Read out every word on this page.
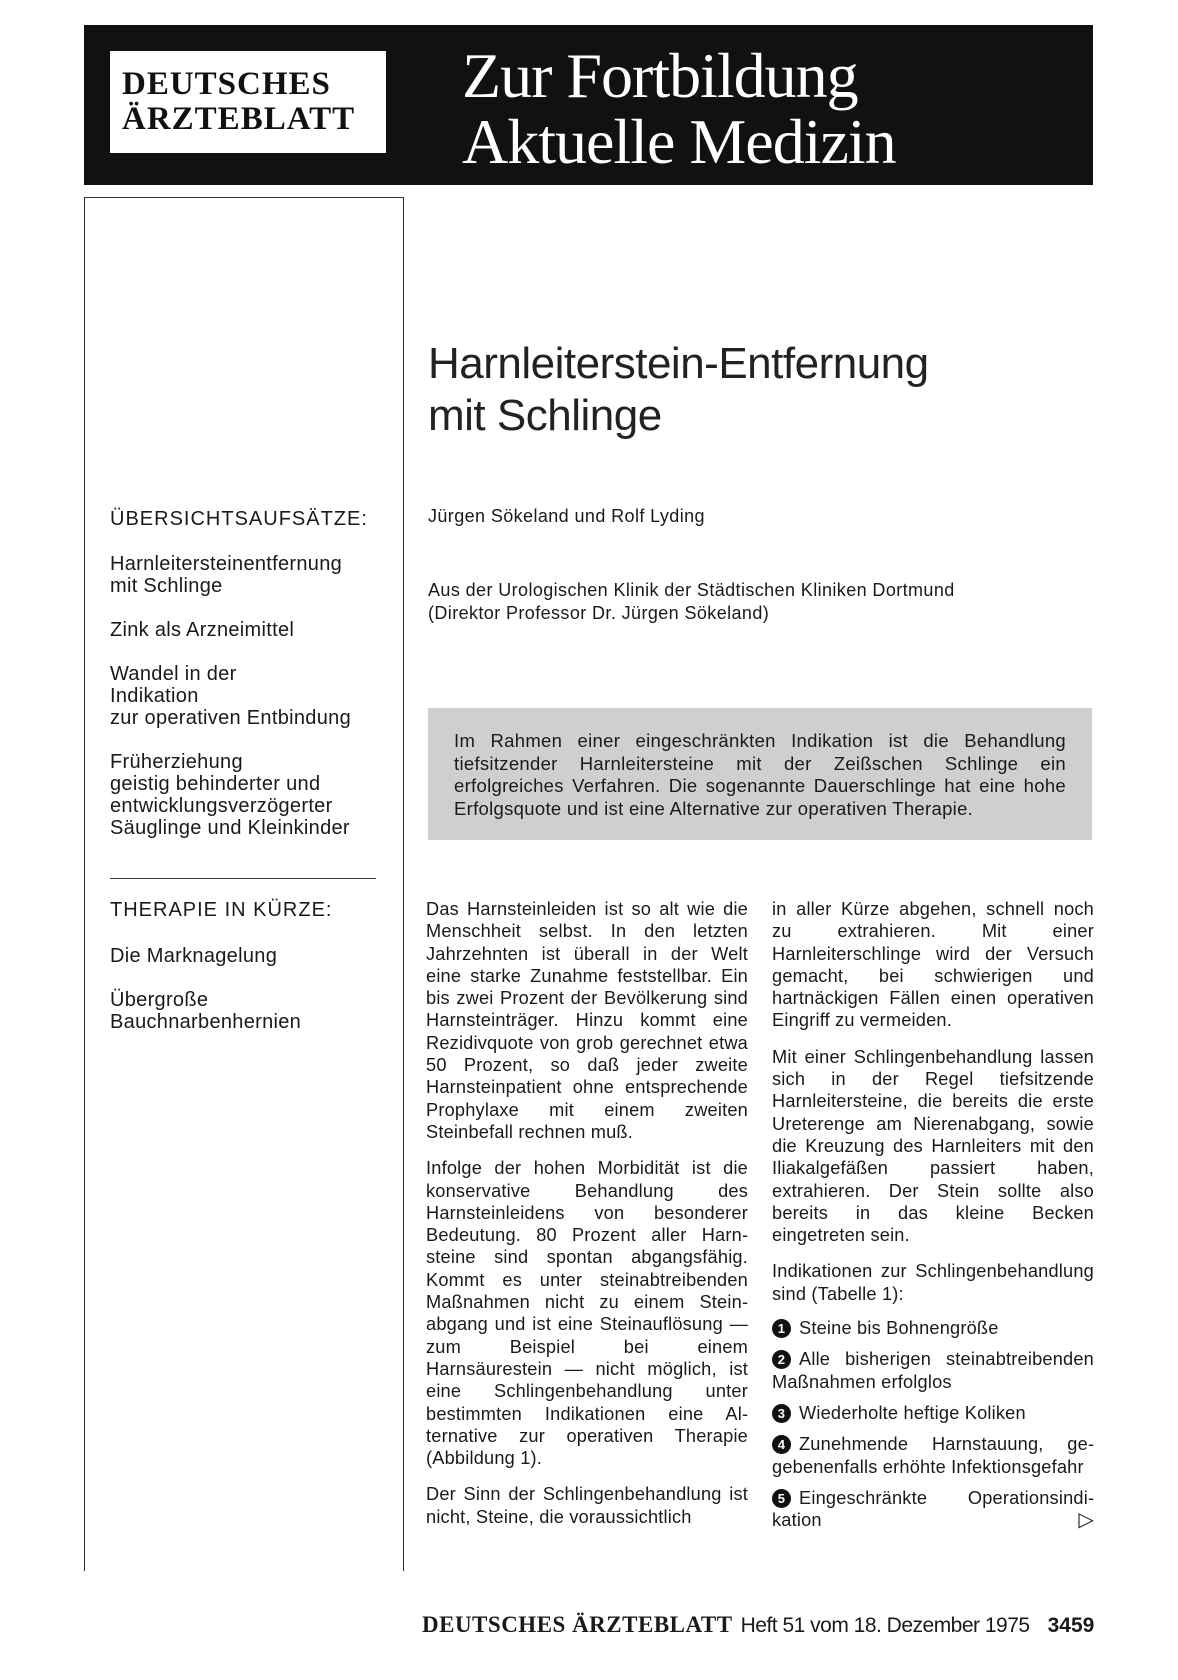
DEUTSCHES
ÄRZTEBLATT
Zur Fortbildung
Aktuelle Medizin
ÜBERSICHTSAUFSÄTZE:
Harnleitersteinentfernung
mit Schlinge
Zink als Arzneimittel
Wandel in der
Indikation
zur operativen Entbindung
Früherziehung
geistig behinderter und
entwicklungsverzögerter
Säuglinge und Kleinkinder
THERAPIE IN KÜRZE:
Die Marknagelung
Übergroße
Bauchnarbenhernien
Harnleiterstein-Entfernung
mit Schlinge
Jürgen Sökeland und Rolf Lyding
Aus der Urologischen Klinik der Städtischen Kliniken Dortmund
(Direktor Professor Dr. Jürgen Sökeland)

Im Rahmen einer eingeschränkten Indikation ist die Behandlung tiefsitzender Harnleitersteine mit der Zeißschen Schlinge ein erfolgreiches Verfahren. Die sogenannte Dauerschlinge hat eine hohe Erfolgsquote und ist eine Alternative zur operativen Therapie.

Das Harnsteinleiden ist so alt wie die Menschheit selbst. In den letzten Jahrzehnten ist überall in der Welt eine starke Zunahme feststellbar. Ein bis zwei Prozent der Bevölkerung sind Harnsteinträger. Hinzu kommt eine Rezidivquote von grob gerechnet etwa 50 Prozent, so daß jeder zweite Harnsteinpatient ohne entsprechende Prophylaxe mit einem zweiten Steinbefall rechnen muß.

Infolge der hohen Morbidität ist die konservative Behandlung des Harnsteinleidens von besonderer Bedeutung. 80 Prozent aller Harnsteine sind spontan abgangsfähig. Kommt es unter steinabtreibenden Maßnahmen nicht zu einem Steinabgang und ist eine Steinauflösung — zum Beispiel bei einem Harnsäurestein — nicht möglich, ist eine Schlingenbehandlung unter bestimmten Indikationen eine Alternative zur operativen Therapie (Abbildung 1).

Der Sinn der Schlingenbehandlung ist nicht, Steine, die voraussichtlich

in aller Kürze abgehen, schnell noch zu extrahieren. Mit einer Harnleiterschlinge wird der Versuch gemacht, bei schwierigen und hartnäckigen Fällen einen operativen Eingriff zu vermeiden.

Mit einer Schlingenbehandlung lassen sich in der Regel tiefsitzende Harnleitersteine, die bereits die erste Ureterenge am Nierenabgang, sowie die Kreuzung des Harnleiters mit den Iliakalgefäßen passiert haben, extrahieren. Der Stein sollte also bereits in das kleine Becken eingetreten sein.

Indikationen zur Schlingenbehandlung sind (Tabelle 1):

1 Steine bis Bohnengröße
2 Alle bisherigen steinabtreibenden Maßnahmen erfolglos
3 Wiederholte heftige Koliken
4 Zunehmende Harnstauung, gegebenenfalls erhöhte Infektionsgefahr
5 Eingeschränkte Operationsindikation	▷
DEUTSCHES ÄRZTEBLATT Heft 51 vom 18. Dezember 1975 3459
